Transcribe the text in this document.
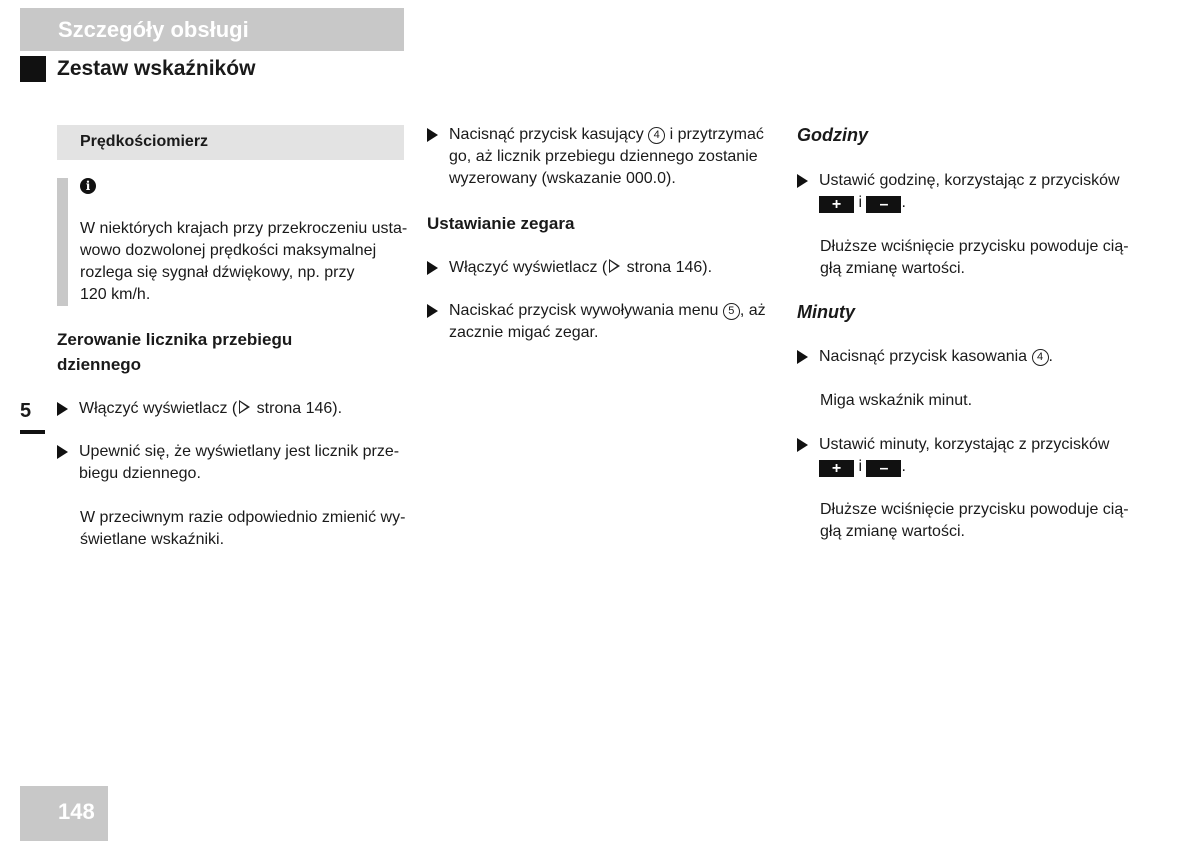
Szczegóły obsługi
Zestaw wskaźników
Prędkościomierz
i
W niektórych krajach przy przekroczeniu usta-
wowo dozwolonej prędkości maksymalnej
rozlega się sygnał dźwiękowy, np. przy
120 km/h.
Zerowanie licznika przebiegu
dziennego
5	Włączyć wyświetlacz ( strona 146).
Upewnić się, że wyświetlany jest licznik prze-
biegu dziennego.
W przeciwnym razie odpowiednio zmienić wy-
świetlane wskaźniki.
Nacisnąć przycisk kasujący 4 i przytrzymać
go, aż licznik przebiegu dziennego zostanie
wyzerowany (wskazanie 000.0).
Ustawianie zegara
Włączyć wyświetlacz ( strona 146).
Naciskać przycisk wywoływania menu 5 , aż
zacznie migać zegar.
Godziny
Ustawić godzinę, korzystając z przycisków
+ i – .
Dłuższe wciśnięcie przycisku powoduje cią-
głą zmianę wartości.
Minuty
Nacisnąć przycisk kasowania 4 .
Miga wskaźnik minut.
Ustawić minuty, korzystając z przycisków
+ i – .
Dłuższe wciśnięcie przycisku powoduje cią-
głą zmianę wartości.
148
